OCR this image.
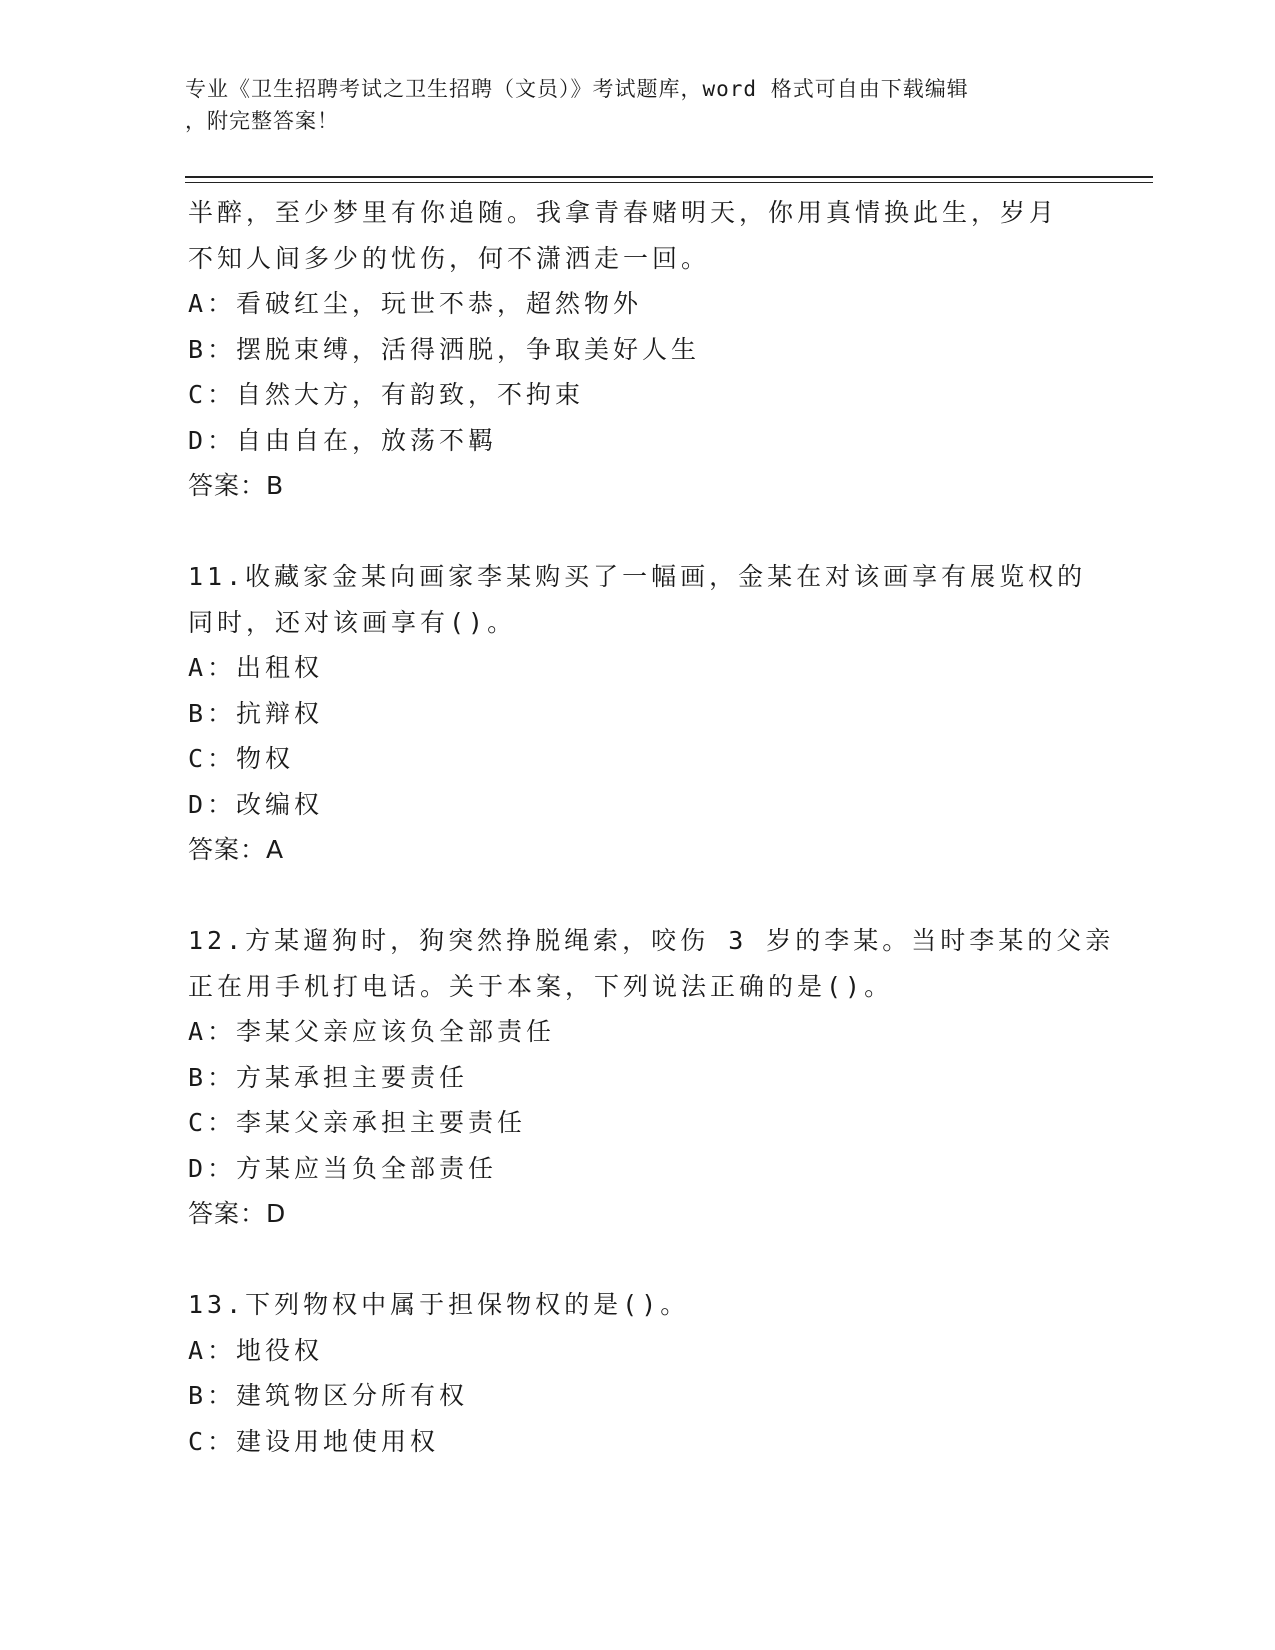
专业《卫生招聘考试之卫生招聘（文员）》考试题库，word 格式可自由下载编辑
，附完整答案！
半醉，至少梦里有你追随。我拿青春赌明天，你用真情换此生，岁月
不知人间多少的忧伤，何不潇洒走一回。
A：看破红尘，玩世不恭，超然物外
B：摆脱束缚，活得洒脱，争取美好人生
C：自然大方，有韵致，不拘束
D：自由自在，放荡不羁
答案：B
11.收藏家金某向画家李某购买了一幅画，金某在对该画享有展览权的
同时，还对该画享有()。
A：出租权
B：抗辩权
C：物权
D：改编权
答案：A
12.方某遛狗时，狗突然挣脱绳索，咬伤 3 岁的李某。当时李某的父亲
正在用手机打电话。关于本案，下列说法正确的是()。
A：李某父亲应该负全部责任
B：方某承担主要责任
C：李某父亲承担主要责任
D：方某应当负全部责任
答案：D
13.下列物权中属于担保物权的是()。
A：地役权
B：建筑物区分所有权
C：建设用地使用权
